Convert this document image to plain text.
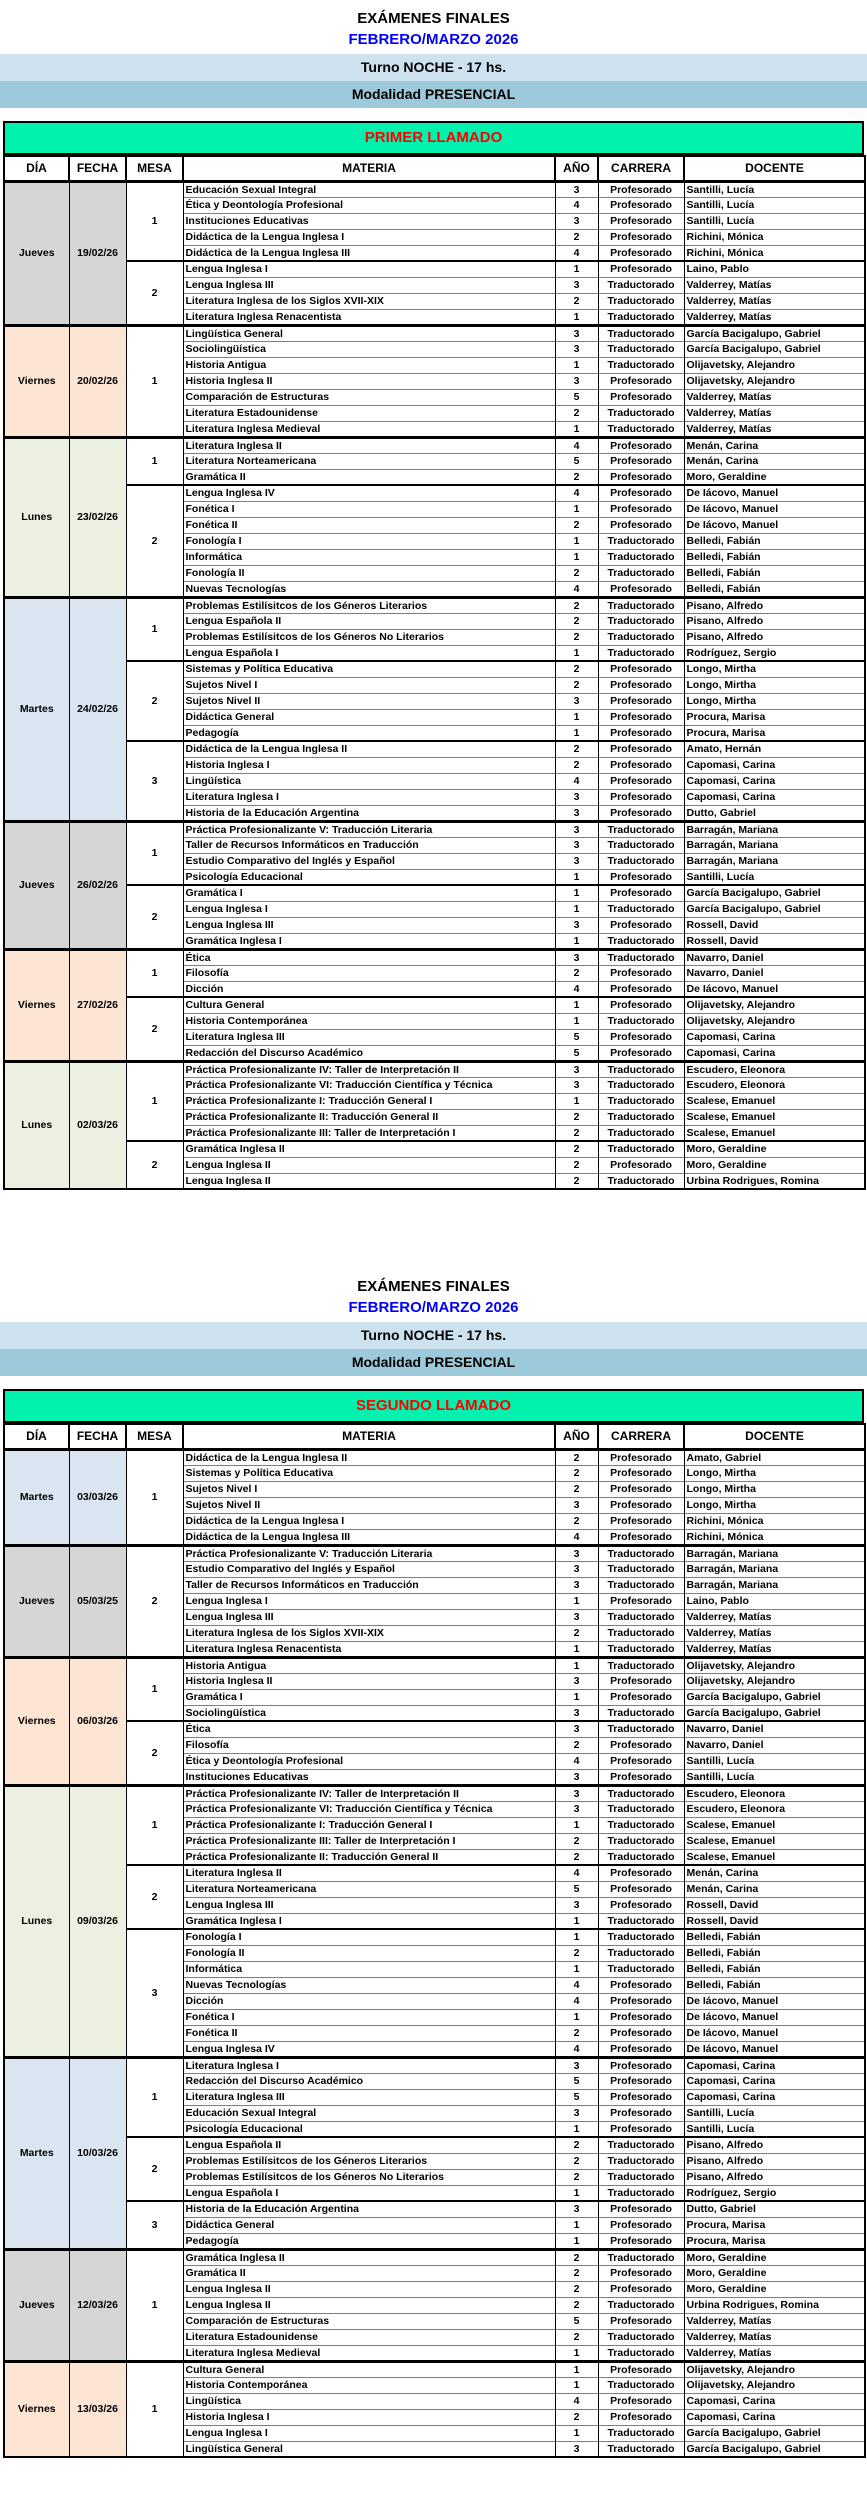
EXÁMENES FINALES
FEBRERO/MARZO 2026
Turno NOCHE - 17 hs.
Modalidad PRESENCIAL
PRIMER LLAMADO
DÍA	FECHA	MESA	MATERIA	AÑO	CARRERA	DOCENTE
Jueves	19/02/26	1	Educación Sexual Integral	3	Profesorado	Santilli, Lucía
			Ética y Deontología Profesional	4	Profesorado	Santilli, Lucía
			Instituciones Educativas	3	Profesorado	Santilli, Lucía
			Didáctica de la Lengua Inglesa I	2	Profesorado	Richini, Mónica
			Didáctica de la Lengua Inglesa III	4	Profesorado	Richini, Mónica
		2	Lengua Inglesa I	1	Profesorado	Laino, Pablo
			Lengua Inglesa III	3	Traductorado	Valderrey, Matías
			Literatura Inglesa de los Siglos XVII-XIX	2	Traductorado	Valderrey, Matías
			Literatura Inglesa Renacentista	1	Traductorado	Valderrey, Matías
Viernes	20/02/26	1	Lingüística General	3	Traductorado	García Bacigalupo, Gabriel
			Sociolingüística	3	Traductorado	García Bacigalupo, Gabriel
			Historia Antigua	1	Traductorado	Olijavetsky, Alejandro
			Historia Inglesa II	3	Profesorado	Olijavetsky, Alejandro
			Comparación de Estructuras	5	Profesorado	Valderrey, Matías
			Literatura Estadounidense	2	Traductorado	Valderrey, Matías
			Literatura Inglesa Medieval	1	Traductorado	Valderrey, Matías
Lunes	23/02/26	1	Literatura Inglesa II	4	Profesorado	Menán, Carina
			Literatura Norteamericana	5	Profesorado	Menán, Carina
			Gramática II	2	Profesorado	Moro, Geraldine
		2	Lengua Inglesa IV	4	Profesorado	De Iácovo, Manuel
			Fonética I	1	Profesorado	De Iácovo, Manuel
			Fonética II	2	Profesorado	De Iácovo, Manuel
			Fonología I	1	Traductorado	Belledi, Fabián
			Informática	1	Traductorado	Belledi, Fabián
			Fonología II	2	Traductorado	Belledi, Fabián
			Nuevas Tecnologías	4	Profesorado	Belledi, Fabián
Martes	24/02/26	1	Problemas Estilísitcos de los Géneros Literarios	2	Traductorado	Pisano, Alfredo
			Lengua Española II	2	Traductorado	Pisano, Alfredo
			Problemas Estilísitcos de los Géneros No Literarios	2	Traductorado	Pisano, Alfredo
			Lengua Española I	1	Traductorado	Rodríguez, Sergio
		2	Sistemas y Política Educativa	2	Profesorado	Longo, Mirtha
			Sujetos Nivel I	2	Profesorado	Longo, Mirtha
			Sujetos Nivel II	3	Profesorado	Longo, Mirtha
			Didáctica General	1	Profesorado	Procura, Marisa
			Pedagogía	1	Profesorado	Procura, Marisa
		3	Didáctica de la Lengua Inglesa II	2	Profesorado	Amato, Hernán
			Historia Inglesa I	2	Profesorado	Capomasi, Carina
			Lingüística	4	Profesorado	Capomasi, Carina
			Literatura Inglesa I	3	Profesorado	Capomasi, Carina
			Historia de la Educación Argentina	3	Profesorado	Dutto, Gabriel
Jueves	26/02/26	1	Práctica Profesionalizante V: Traducción Literaria	3	Traductorado	Barragán, Mariana
			Taller de Recursos Informáticos en Traducción	3	Traductorado	Barragán, Mariana
			Estudio Comparativo del Inglés y Español	3	Traductorado	Barragán, Mariana
			Psicología Educacional	1	Profesorado	Santilli, Lucía
		2	Gramática I	1	Profesorado	García Bacigalupo, Gabriel
			Lengua Inglesa I	1	Traductorado	García Bacigalupo, Gabriel
			Lengua Inglesa III	3	Profesorado	Rossell, David
			Gramática Inglesa I	1	Traductorado	Rossell, David
Viernes	27/02/26	1	Ética	3	Traductorado	Navarro, Daniel
			Filosofía	2	Profesorado	Navarro, Daniel
			Dicción	4	Profesorado	De Iácovo, Manuel
		2	Cultura General	1	Profesorado	Olijavetsky, Alejandro
			Historia Contemporánea	1	Traductorado	Olijavetsky, Alejandro
			Literatura Inglesa III	5	Profesorado	Capomasi, Carina
			Redacción del Discurso Académico	5	Profesorado	Capomasi, Carina
Lunes	02/03/26	1	Práctica Profesionalizante IV: Taller de Interpretación II	3	Traductorado	Escudero, Eleonora
			Práctica Profesionalizante VI: Traducción Científica y Técnica	3	Traductorado	Escudero, Eleonora
			Práctica Profesionalizante I: Traducción General I	1	Traductorado	Scalese, Emanuel
			Práctica Profesionalizante II: Traducción General II	2	Traductorado	Scalese, Emanuel
			Práctica Profesionalizante III: Taller de Interpretación I	2	Traductorado	Scalese, Emanuel
		2	Gramática Inglesa II	2	Traductorado	Moro, Geraldine
			Lengua Inglesa II	2	Profesorado	Moro, Geraldine
			Lengua Inglesa II	2	Traductorado	Urbina Rodrigues, Romina
EXÁMENES FINALES
FEBRERO/MARZO 2026
Turno NOCHE - 17 hs.
Modalidad PRESENCIAL
SEGUNDO LLAMADO
DÍA	FECHA	MESA	MATERIA	AÑO	CARRERA	DOCENTE
Martes	03/03/26	1	Didáctica de la Lengua Inglesa II	2	Profesorado	Amato, Gabriel
			Sistemas y Política Educativa	2	Profesorado	Longo, Mirtha
			Sujetos Nivel I	2	Profesorado	Longo, Mirtha
			Sujetos Nivel II	3	Profesorado	Longo, Mirtha
			Didáctica de la Lengua Inglesa I	2	Profesorado	Richini, Mónica
			Didáctica de la Lengua Inglesa III	4	Profesorado	Richini, Mónica
Jueves	05/03/25	2	Práctica Profesionalizante V: Traducción Literaria	3	Traductorado	Barragán, Mariana
			Estudio Comparativo del Inglés y Español	3	Traductorado	Barragán, Mariana
			Taller de Recursos Informáticos en Traducción	3	Traductorado	Barragán, Mariana
			Lengua Inglesa I	1	Profesorado	Laino, Pablo
			Lengua Inglesa III	3	Traductorado	Valderrey, Matías
			Literatura Inglesa de los Siglos XVII-XIX	2	Traductorado	Valderrey, Matías
			Literatura Inglesa Renacentista	1	Traductorado	Valderrey, Matías
Viernes	06/03/26	1	Historia Antigua	1	Traductorado	Olijavetsky, Alejandro
			Historia Inglesa II	3	Profesorado	Olijavetsky, Alejandro
			Gramática I	1	Profesorado	García Bacigalupo, Gabriel
			Sociolingüística	3	Traductorado	García Bacigalupo, Gabriel
		2	Ética	3	Traductorado	Navarro, Daniel
			Filosofía	2	Profesorado	Navarro, Daniel
			Ética y Deontología Profesional	4	Profesorado	Santilli, Lucía
			Instituciones Educativas	3	Profesorado	Santilli, Lucía
Lunes	09/03/26	1	Práctica Profesionalizante IV: Taller de Interpretación II	3	Traductorado	Escudero, Eleonora
			Práctica Profesionalizante VI: Traducción Científica y Técnica	3	Traductorado	Escudero, Eleonora
			Práctica Profesionalizante I: Traducción General I	1	Traductorado	Scalese, Emanuel
			Práctica Profesionalizante III: Taller de Interpretación I	2	Traductorado	Scalese, Emanuel
			Práctica Profesionalizante II: Traducción General II	2	Traductorado	Scalese, Emanuel
		2	Literatura Inglesa II	4	Profesorado	Menán, Carina
			Literatura Norteamericana	5	Profesorado	Menán, Carina
			Lengua Inglesa III	3	Profesorado	Rossell, David
			Gramática Inglesa I	1	Traductorado	Rossell, David
		3	Fonología I	1	Traductorado	Belledi, Fabián
			Fonología II	2	Traductorado	Belledi, Fabián
			Informática	1	Traductorado	Belledi, Fabián
			Nuevas Tecnologías	4	Profesorado	Belledi, Fabián
			Dicción	4	Profesorado	De Iácovo, Manuel
			Fonética I	1	Profesorado	De Iácovo, Manuel
			Fonética II	2	Profesorado	De Iácovo, Manuel
			Lengua Inglesa IV	4	Profesorado	De Iácovo, Manuel
Martes	10/03/26	1	Literatura Inglesa I	3	Profesorado	Capomasi, Carina
			Redacción del Discurso Académico	5	Profesorado	Capomasi, Carina
			Literatura Inglesa III	5	Profesorado	Capomasi, Carina
			Educación Sexual Integral	3	Profesorado	Santilli, Lucía
			Psicología Educacional	1	Profesorado	Santilli, Lucía
		2	Lengua Española II	2	Traductorado	Pisano, Alfredo
			Problemas Estilísitcos de los Géneros Literarios	2	Traductorado	Pisano, Alfredo
			Problemas Estilísitcos de los Géneros No Literarios	2	Traductorado	Pisano, Alfredo
			Lengua Española I	1	Traductorado	Rodríguez, Sergio
		3	Historia de la Educación Argentina	3	Profesorado	Dutto, Gabriel
			Didáctica General	1	Profesorado	Procura, Marisa
			Pedagogía	1	Profesorado	Procura, Marisa
Jueves	12/03/26	1	Gramática Inglesa II	2	Traductorado	Moro, Geraldine
			Gramática II	2	Profesorado	Moro, Geraldine
			Lengua Inglesa II	2	Profesorado	Moro, Geraldine
			Lengua Inglesa II	2	Traductorado	Urbina Rodrigues, Romina
			Comparación de Estructuras	5	Profesorado	Valderrey, Matías
			Literatura Estadounidense	2	Traductorado	Valderrey, Matías
			Literatura Inglesa Medieval	1	Traductorado	Valderrey, Matías
Viernes	13/03/26	1	Cultura General	1	Profesorado	Olijavetsky, Alejandro
			Historia Contemporánea	1	Traductorado	Olijavetsky, Alejandro
			Lingüística	4	Profesorado	Capomasi, Carina
			Historia Inglesa I	2	Profesorado	Capomasi, Carina
			Lengua Inglesa I	1	Traductorado	García Bacigalupo, Gabriel
			Lingüística General	3	Traductorado	García Bacigalupo, Gabriel
